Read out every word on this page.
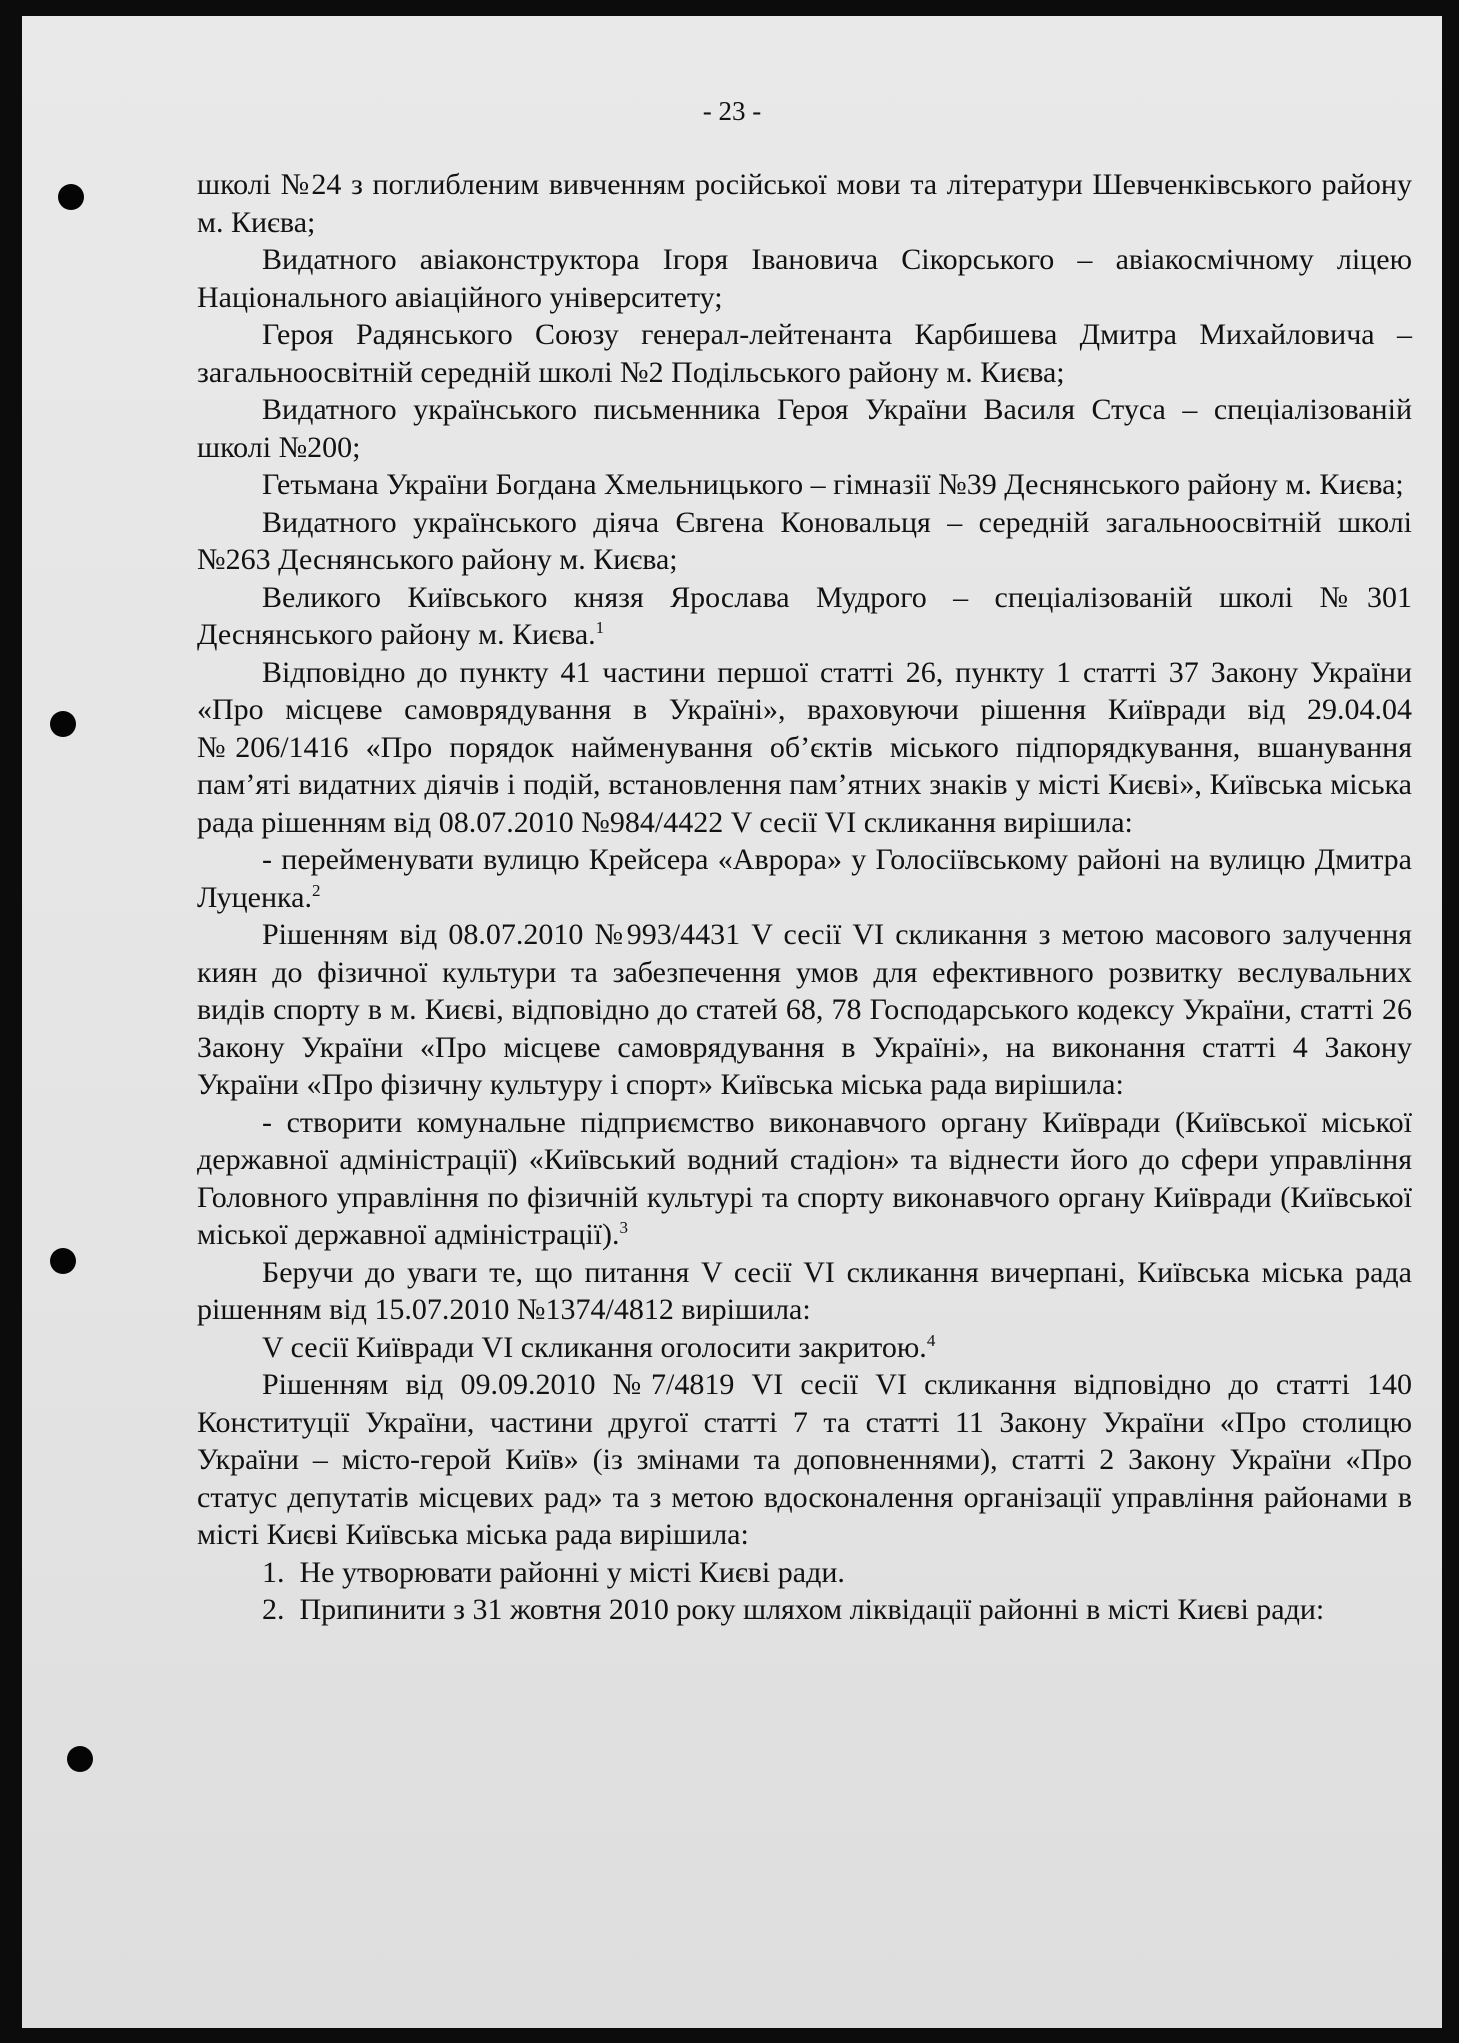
- 23 -

школі №24 з поглибленим вивченням російської мови та літератури Шевченківського району м. Києва;

Видатного авіаконструктора Ігоря Івановича Сікорського – авіакосмічному ліцею Національного авіаційного університету;

Героя Радянського Союзу генерал-лейтенанта Карбишева Дмитра Михайловича – загальноосвітній середній школі №2 Подільського району м. Києва;

Видатного українського письменника Героя України Василя Стуса – спеціалізованій школі №200;

Гетьмана України Богдана Хмельницького – гімназії №39 Деснянського району м. Києва;

Видатного українського діяча Євгена Коновальця – середній загальноосвітній школі №263 Деснянського району м. Києва;

Великого Київського князя Ярослава Мудрого – спеціалізованій школі №301 Деснянського району м. Києва.$^1$

Відповідно до пункту 41 частини першої статті 26, пункту 1 статті 37 Закону України «Про місцеве самоврядування в Україні», враховуючи рішення Київради від 29.04.04 №206/1416 «Про порядок найменування об’єктів міського підпорядкування, вшанування пам’яті видатних діячів і подій, встановлення пам’ятних знаків у місті Києві», Київська міська рада рішенням від 08.07.2010 №984/4422 V сесії VI скликання вирішила:

- перейменувати вулицю Крейсера «Аврора» у Голосіївському районі на вулицю Дмитра Луценка.$^2$

Рішенням від 08.07.2010 №993/4431 V сесії VI скликання з метою масового залучення киян до фізичної культури та забезпечення умов для ефективного розвитку веслувальних видів спорту в м. Києві, відповідно до статей 68, 78 Господарського кодексу України, статті 26 Закону України «Про місцеве самоврядування в Україні», на виконання статті 4 Закону України «Про фізичну культуру і спорт» Київська міська рада вирішила:

- створити комунальне підприємство виконавчого органу Київради (Київської міської державної адміністрації) «Київський водний стадіон» та віднести його до сфери управління Головного управління по фізичній культурі та спорту виконавчого органу Київради (Київської міської державної адміністрації).$^3$

Беручи до уваги те, що питання V сесії VI скликання вичерпані, Київська міська рада рішенням від 15.07.2010 №1374/4812 вирішила:

V сесії Київради VI скликання оголосити закритою.$^4$

Рішенням від 09.09.2010 №7/4819 VI сесії VI скликання відповідно до статті 140 Конституції України, частини другої статті 7 та статті 11 Закону України «Про столицю України – місто-герой Київ» (із змінами та доповненнями), статті 2 Закону України «Про статус депутатів місцевих рад» та з метою вдосконалення організації управління районами в місті Києві Київська міська рада вирішила:

1.  Не утворювати районні у місті Києві ради.

2.  Припинити з 31 жовтня 2010 року шляхом ліквідації районні в місті Києві ради:
